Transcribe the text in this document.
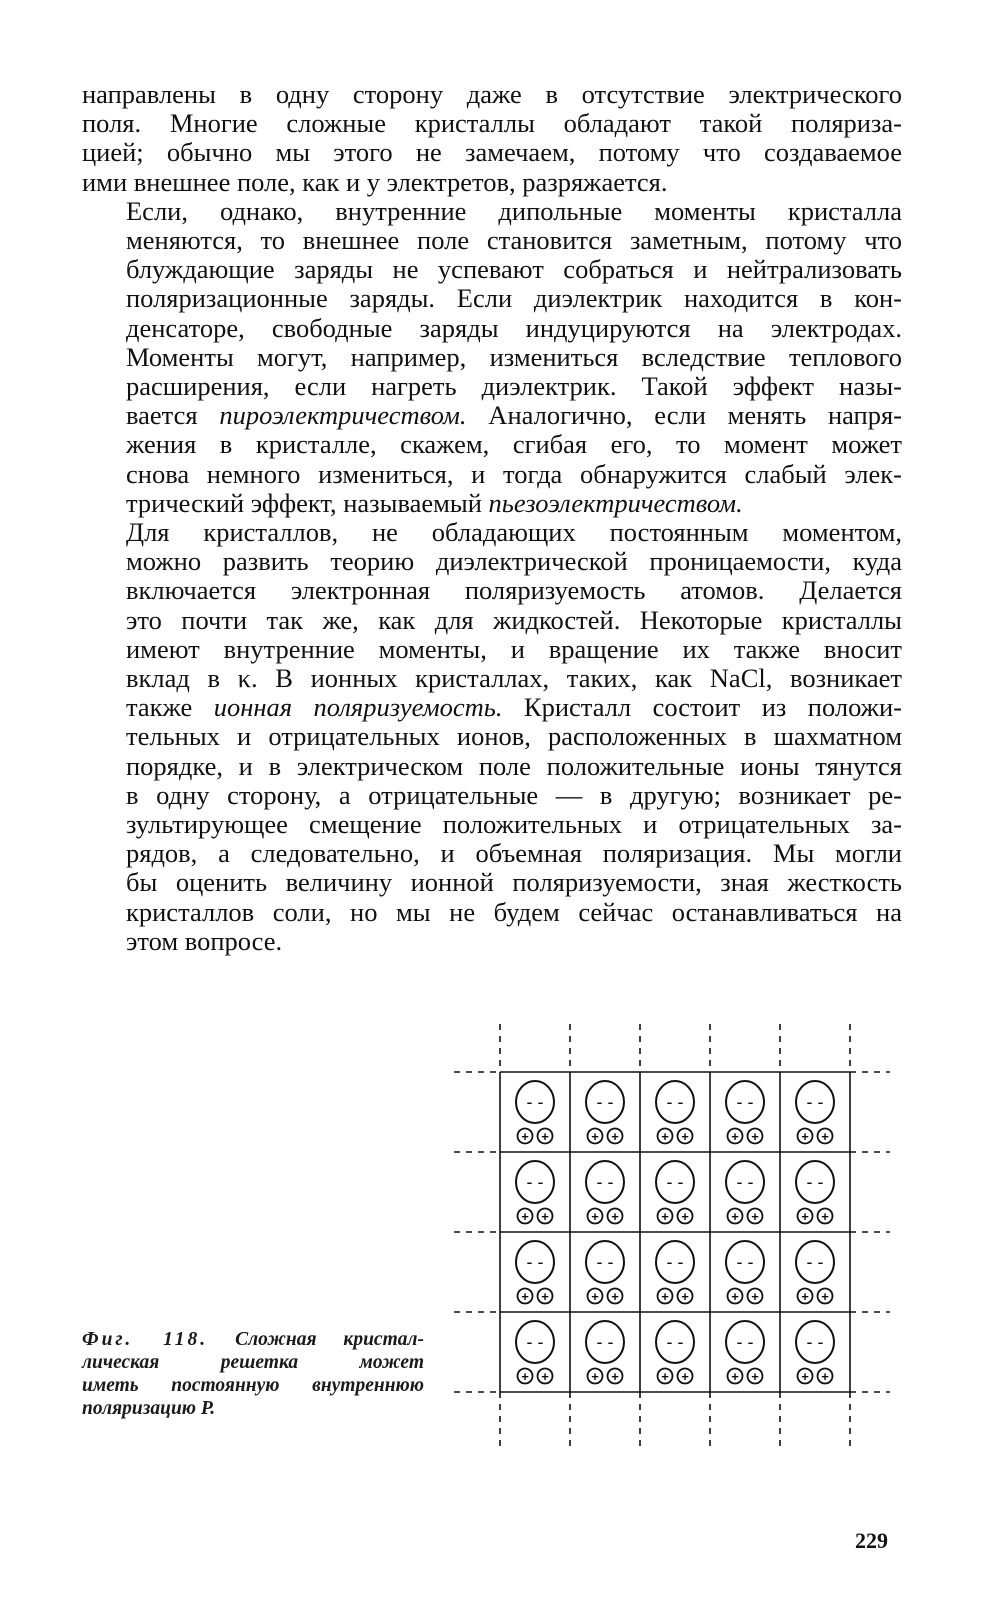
направлены в одну сторону даже в отсутствие электрического
поля. Многие сложные кристаллы обладают такой поляриза-
цией; обычно мы этого не замечаем, потому что создаваемое
ими внешнее поле, как и у электретов, разряжается.

Если, однако, внутренние дипольные моменты кристалла
меняются, то внешнее поле становится заметным, потому что
блуждающие заряды не успевают собраться и нейтрализовать
поляризационные заряды. Если диэлектрик находится в кон-
денсаторе, свободные заряды индуцируются на электродах.
Моменты могут, например, измениться вследствие теплового
расширения, если нагреть диэлектрик. Такой эффект назы-
вается пироэлектричеством. Аналогично, если менять напря-
жения в кристалле, скажем, сгибая его, то момент может
снова немного измениться, и тогда обнаружится слабый элек-
трический эффект, называемый пьезоэлектричеством.

Для кристаллов, не обладающих постоянным моментом,
можно развить теорию диэлектрической проницаемости, куда
включается электронная поляризуемость атомов. Делается
это почти так же, как для жидкостей. Некоторые кристаллы
имеют внутренние моменты, и вращение их также вносит
вклад в κ. В ионных кристаллах, таких, как NaCl, возникает
также ионная поляризуемость. Кристалл состоит из положи-
тельных и отрицательных ионов, расположенных в шахматном
порядке, и в электрическом поле положительные ионы тянутся
в одну сторону, а отрицательные — в другую; возникает ре-
зультирующее смещение положительных и отрицательных за-
рядов, а следовательно, и объемная поляризация. Мы могли
бы оценить величину ионной поляризуемости, зная жесткость
кристаллов соли, но мы не будем сейчас останавливаться на
этом вопросе.

- -
+ +
- -
+ +
- -
+ +
- -
+ +
- -
+ +
- -
+ +
- -
+ +
- -
+ +
- -
+ +
- -
+ +
- -
+ +
- -
+ +
- -
+ +
- -
+ +
- -
+ +
- -
+ +
- -
+ +
- -
+ +
- -
+ +
- -
+ +
Фиг. 118. Сложная кристал-
лическая решетка может
иметь постоянную внутреннюю
поляризацию P.
229
